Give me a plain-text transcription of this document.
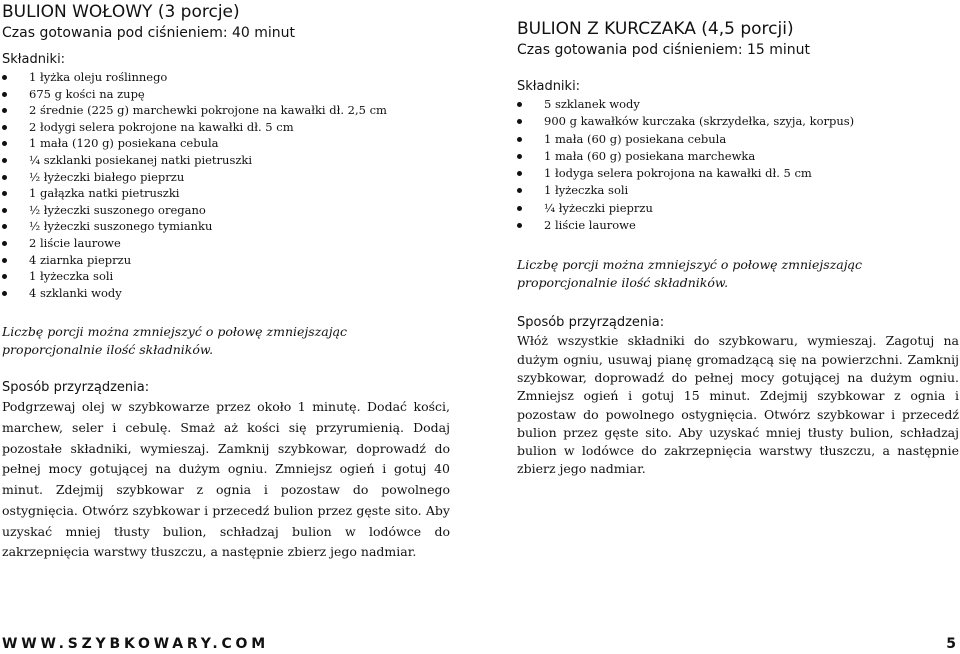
BULION WOŁOWY (3 porcje)
Czas gotowania pod ciśnieniem: 40 minut
Składniki:
1 łyżka oleju roślinnego
675 g kości na zupę
2 średnie (225 g) marchewki pokrojone na kawałki dł. 2,5 cm
2 łodygi selera pokrojone na kawałki dł. 5 cm
1 mała (120 g) posiekana cebula
¼ szklanki posiekanej natki pietruszki
½ łyżeczki białego pieprzu
1 gałązka natki pietruszki
½ łyżeczki suszonego oregano
½ łyżeczki suszonego tymianku
2 liście laurowe
4 ziarnka pieprzu
1 łyżeczka soli
4 szklanki wody
Liczbę porcji można zmniejszyć o połowę zmniejszając proporcjonalnie ilość składników.
Sposób przyrządzenia:
Podgrzewaj olej w szybkowarze przez około 1 minutę. Dodać kości, marchew, seler i cebulę. Smaż aż kości się przyrumienią. Dodaj pozostałe składniki, wymieszaj. Zamknij szybkowar, doprowadź do pełnej mocy gotującej na dużym ogniu. Zmniejsz ogień i gotuj 40 minut. Zdejmij szybkowar z ognia i pozostaw do powolnego ostygnięcia. Otwórz szybkowar i przecedź bulion przez gęste sito. Aby uzyskać mniej tłusty bulion, schładzaj bulion w lodówce do zakrzepnięcia warstwy tłuszczu, a następnie zbierz jego nadmiar.
BULION Z KURCZAKA (4,5 porcji)
Czas gotowania pod ciśnieniem: 15 minut
Składniki:
5 szklanek wody
900 g kawałków kurczaka (skrzydełka, szyja, korpus)
1 mała (60 g) posiekana cebula
1 mała (60 g) posiekana marchewka
1 łodyga selera pokrojona na kawałki dł. 5 cm
1 łyżeczka soli
¼ łyżeczki pieprzu
2 liście laurowe
Liczbę porcji można zmniejszyć o połowę zmniejszając proporcjonalnie ilość składników.
Sposób przyrządzenia:
Włóż wszystkie składniki do szybkowaru, wymieszaj. Zagotuj na dużym ogniu, usuwaj pianę gromadzącą się na powierzchni. Zamknij szybkowar, doprowadź do pełnej mocy gotującej na dużym ogniu. Zmniejsz ogień i gotuj 15 minut. Zdejmij szybkowar z ognia i pozostaw do powolnego ostygnięcia. Otwórz szybkowar i przecedź bulion przez gęste sito. Aby uzyskać mniej tłusty bulion, schładzaj bulion w lodówce do zakrzepnięcia warstwy tłuszczu, a następnie zbierz jego nadmiar.
WWW.SZYBKOWARY.COM	5
